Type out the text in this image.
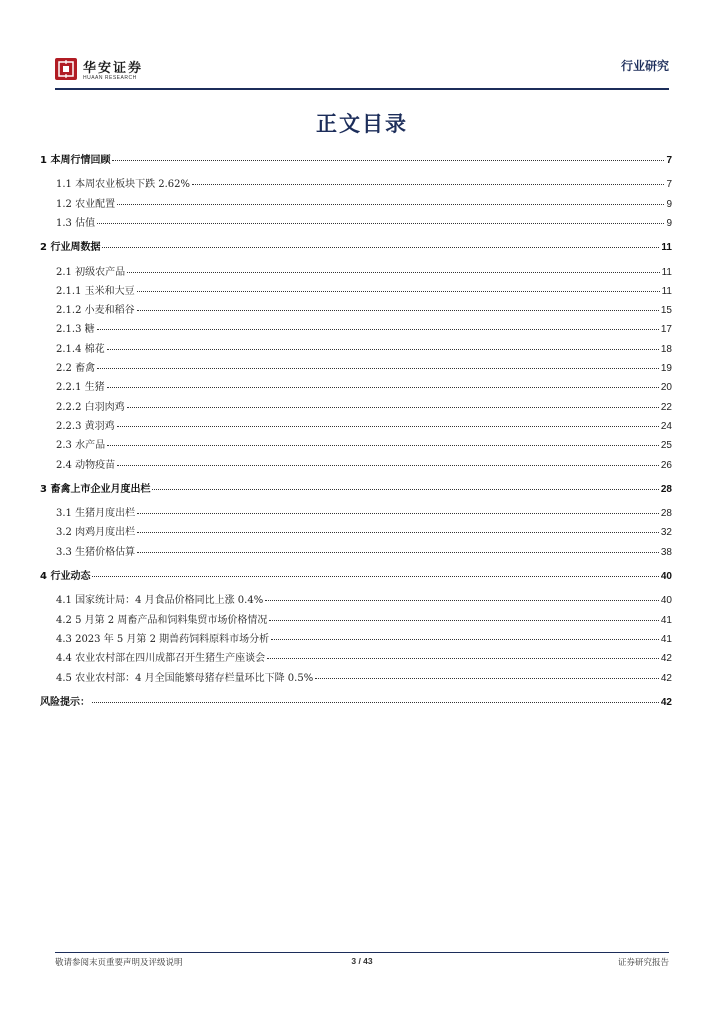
华安证券
HUAAN RESEARCH
行业研究
正文目录
1 本周行情回顾	7
1.1 本周农业板块下跌 2.62%	7
1.2 农业配置	9
1.3 估值	9
2 行业周数据	11
2.1 初级农产品	11
2.1.1 玉米和大豆	11
2.1.2 小麦和稻谷	15
2.1.3 糖	17
2.1.4 棉花	18
2.2 畜禽	19
2.2.1 生猪	20
2.2.2 白羽肉鸡	22
2.2.3 黄羽鸡	24
2.3 水产品	25
2.4 动物疫苗	26
3 畜禽上市企业月度出栏	28
3.1 生猪月度出栏	28
3.2 肉鸡月度出栏	32
3.3 生猪价格估算	38
4 行业动态	40
4.1 国家统计局：4 月食品价格同比上涨 0.4%	40
4.2 5 月第 2 周畜产品和饲料集贸市场价格情况	41
4.3 2023 年 5 月第 2 期兽药饲料原料市场分析	41
4.4 农业农村部在四川成都召开生猪生产座谈会	42
4.5 农业农村部：4 月全国能繁母猪存栏量环比下降 0.5%	42
风险提示：	42
敬请参阅末页重要声明及评级说明	3 / 43	证券研究报告
